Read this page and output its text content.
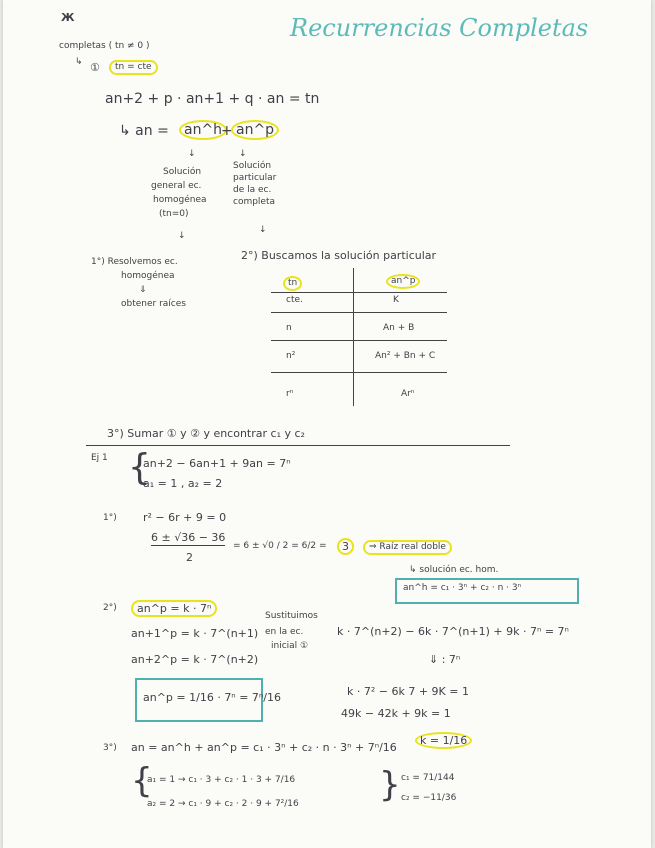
Ж	Recurrencias Completas
completas ( tn ≠ 0 )
↳ ①	tn = cte
an+2 + p · an+1 + q · an = tn
↳ an =	an^h
+ an^p
↓	↓
Solución
general ec.
homogénea
(tn=0)
Solución
particular
de la ec.
completa
↓
↓
1°) Resolvemos ec.
homogénea
⇓
obtener raíces
2°) Buscamos la solución particular
tn	an^p
cte.	K
n	An + B
n²	An² + Bn + C
rⁿ	Arⁿ
3°) Sumar ① y ② y encontrar c₁ y c₂
Ej 1 {
an+2 − 6an+1 + 9an = 7ⁿ
a₁ = 1 , a₂ = 2
1°) r² − 6r + 9 = 0
6 ± √36 − 36
2
= 6 ± √0 / 2 = 6/2 =	3	⇒ Raíz real doble
↳ solución ec. hom.
an^h = c₁ · 3ⁿ + c₂ · n · 3ⁿ
2°)	an^p = k · 7ⁿ
an+1^p = k · 7^(n+1)
an+2^p = k · 7^(n+2)
Sustituimos
en la ec.
inicial ①
k · 7^(n+2) − 6k · 7^(n+1) + 9k · 7ⁿ = 7ⁿ
⇓ : 7ⁿ
k · 7² − 6k 7 + 9K = 1
49k − 42k + 9k = 1
k = 1/16
an^p = 1/16 · 7ⁿ = 7ⁿ/16
3°) an = an^h + an^p = c₁ · 3ⁿ + c₂ · n · 3ⁿ + 7ⁿ/16
{
a₁ = 1 → c₁ · 3 + c₂ · 1 · 3 + 7/16
a₂ = 2 → c₁ · 9 + c₂ · 2 · 9 + 7²/16 } c₁ = 71/144
c₂ = −11/36
